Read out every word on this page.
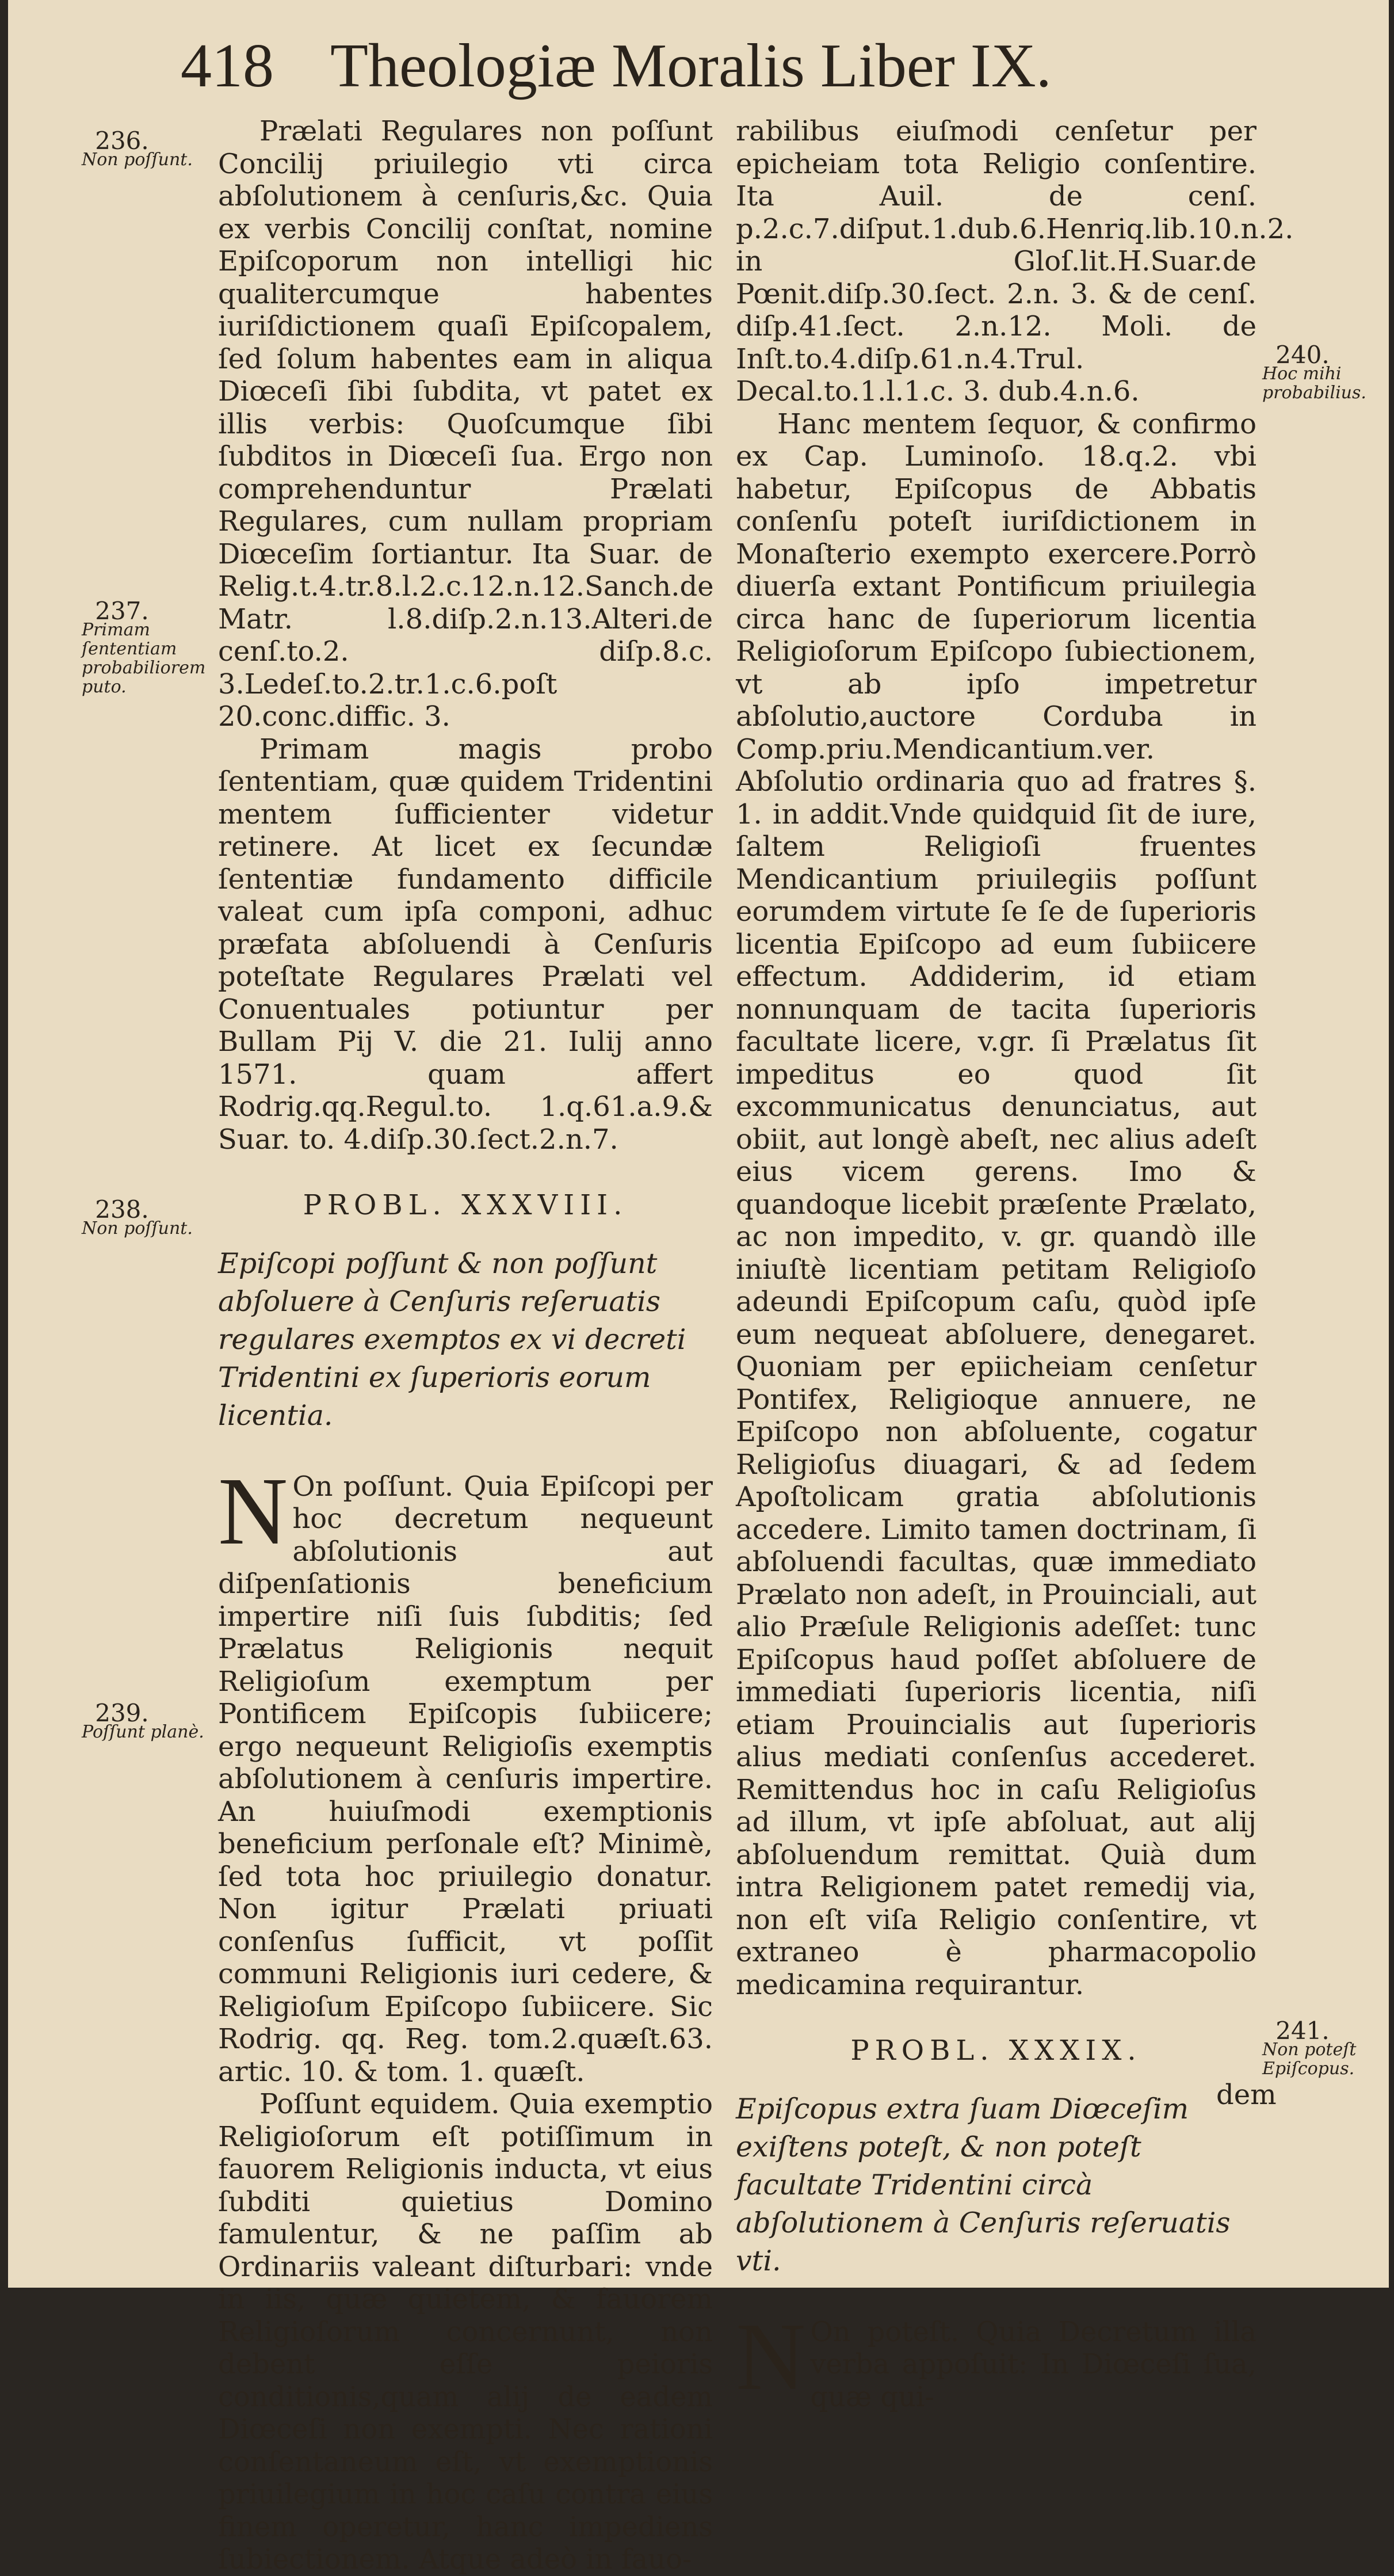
418 Theologiæ Moralis Liber IX.
236.
Non poſſunt.
237.
Primam ſententiam probabiliorem puto.
238.
Non poſſunt.
239.
Poſſunt planè.
240.
Hoc mihi probabilius.
241.
Non poteſt Epiſcopus.

Prælati Regulares non poſſunt Concilij priuilegio vti circa abſolutionem à cenſuris,&c. Quia ex verbis Concilij conſtat, nomine Epiſcoporum non intelligi hic qualitercumque habentes iuriſdictionem quaſi Epiſcopalem, ſed ſolum habentes eam in aliqua Diœceſi ſibi ſubdita, vt patet ex illis verbis: Quoſcumque ſibi ſubditos in Diœceſi ſua. Ergo non comprehenduntur Prælati Regulares, cum nullam propriam Diœceſim ſortiantur. Ita Suar. de Relig.t.4.tr.8.l.2.c.12.n.12.Sanch.de Matr. l.8.diſp.2.n.13.Alteri.de cenſ.to.2. diſp.8.c. 3.Ledeſ.to.2.tr.1.c.6.poſt 20.conc.diffic. 3.

Primam magis probo ſententiam, quæ quidem Tridentini mentem ſufficienter videtur retinere. At licet ex ſecundæ ſententiæ fundamento difficile valeat cum ipſa componi, adhuc præfata abſoluendi à Cenſuris poteſtate Regulares Prælati vel Conuentuales potiuntur per Bullam Pij V. die 21. Iulij anno 1571. quam affert Rodrig.qq.Regul.to. 1.q.61.a.9.& Suar. to. 4.diſp.30.ſect.2.n.7.

PROBL. XXXVIII.
Epiſcopi poſſunt & non poſſunt abſoluere à Cenſuris reſeruatis regulares exemptos ex vi decreti Tridentini ex ſuperioris eorum licentia.

N On poſſunt. Quia Epiſcopi per hoc decretum nequeunt abſolutionis aut diſpenſationis beneficium impertire niſi ſuis ſubditis; ſed Prælatus Religionis nequit Religioſum exemptum per Pontificem Epiſcopis ſubiicere; ergo nequeunt Religioſis exemptis abſolutionem à cenſuris impertire. An huiuſmodi exemptionis beneficium perſonale eſt? Minimè, ſed tota hoc priuilegio donatur. Non igitur Prælati priuati conſenſus ſufficit, vt poſſit communi Religionis iuri cedere, & Religioſum Epiſcopo ſubiicere. Sic Rodrig. qq. Reg. tom.2.quæſt.63. artic. 10. & tom. 1. quæſt.

Poſſunt equidem. Quia exemptio Religioſorum eſt potiſſimum in fauorem Religionis inducta, vt eius ſubditi quietius Domino famulentur, & ne paſſim ab Ordinariis valeant diſturbari: vnde in iis, quæ quietem, & fauorem Religioſorum concernunt, non debent eſſe peioris conditionis,quam alij de eadem Diœceſi non exempti. Nec rationi conſentaneum eſt, vt exemptionis priuilegium in hoc caſu contra eius finem operetur, hanc impediens ſubiectionem. Atque adeò in fauo-

rabilibus eiuſmodi cenſetur per epicheiam tota Religio conſentire. Ita Auil. de cenſ. p.2.c.7.diſput.1.dub.6.Henriq.lib.10.n.2. in Gloſ.lit.H.Suar.de Pœnit.diſp.30.ſect. 2.n. 3. & de cenſ. diſp.41.ſect. 2.n.12. Moli. de Inſt.to.4.diſp.61.n.4.Trul. Decal.to.1.l.1.c. 3. dub.4.n.6.

Hanc mentem ſequor, & confirmo ex Cap. Luminoſo. 18.q.2. vbi habetur, Epiſcopus de Abbatis conſenſu poteſt iuriſdictionem in Monaſterio exempto exercere.Porrò diuerſa extant Pontificum priuilegia circa hanc de ſuperiorum licentia Religioſorum Epiſcopo ſubiectionem, vt ab ipſo impetretur abſolutio,auctore Corduba in Comp.priu.Mendicantium.ver. Abſolutio ordinaria quo ad fratres §. 1. in addit.Vnde quidquid ſit de iure, ſaltem Religioſi fruentes Mendicantium priuilegiis poſſunt eorumdem virtute ſe ſe de ſuperioris licentia Epiſcopo ad eum ſubiicere effectum. Addiderim, id etiam nonnunquam de tacita ſuperioris facultate licere, v.gr. ſi Prælatus ſit impeditus eo quod ſit excommunicatus denunciatus, aut obiit, aut longè abeſt, nec alius adeſt eius vicem gerens. Imo & quandoque licebit præſente Prælato, ac non impedito, v. gr. quandò ille iniuſtè licentiam petitam Religioſo adeundi Epiſcopum caſu, quòd ipſe eum nequeat abſoluere, denegaret. Quoniam per epiicheiam cenſetur Pontifex, Religioque annuere, ne Epiſcopo non abſoluente, cogatur Religioſus diuagari, & ad ſedem Apoſtolicam gratia abſolutionis accedere. Limito tamen doctrinam, ſi abſoluendi facultas, quæ immediato Prælato non adeſt, in Prouinciali, aut alio Præſule Religionis adeſſet: tunc Epiſcopus haud poſſet abſoluere de immediati ſuperioris licentia, niſi etiam Prouincialis aut ſuperioris alius mediati conſenſus accederet. Remittendus hoc in caſu Religioſus ad illum, vt ipſe abſoluat, aut alij abſoluendum remittat. Quià dum intra Religionem patet remedij via, non eſt viſa Religio conſentire, vt extraneo è pharmacopolio medicamina requirantur.

PROBL. XXXIX.
Epiſcopus extra ſuam Diœceſim exiſtens poteſt, & non poteſt facultate Tridentini circà abſolutionem à Cenſuris reſeruatis vti.

N On poteſt. Quia Decretum illa verba appoſuit: In Diœceſi ſua, quæ qui-

dem
